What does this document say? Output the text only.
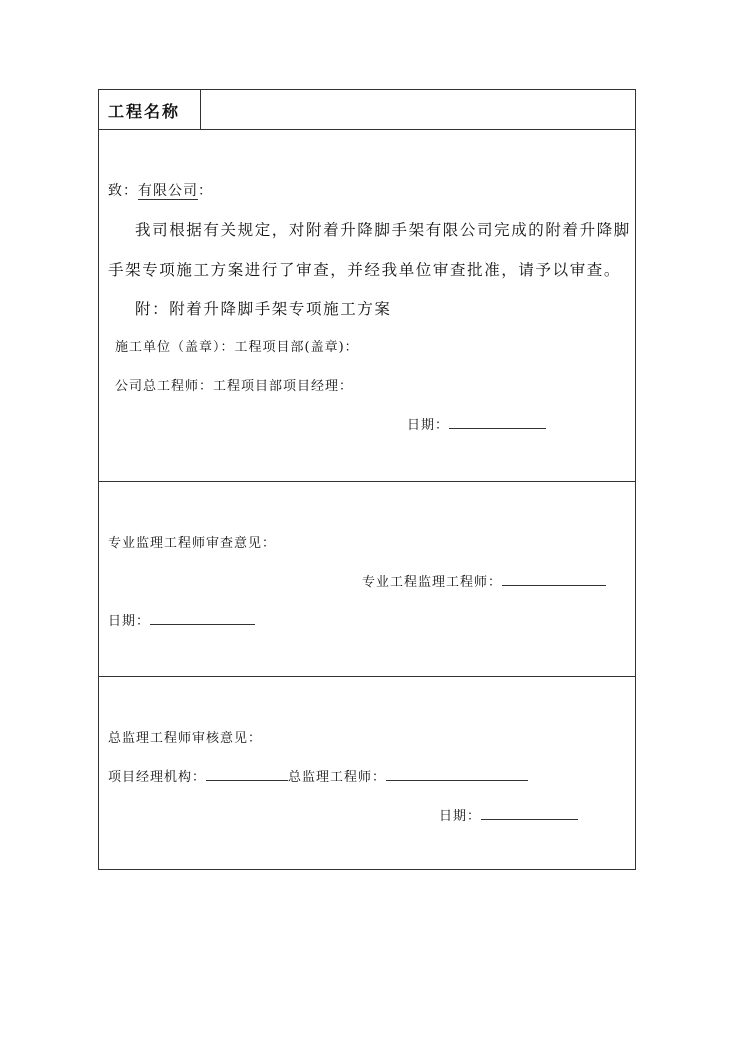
工程名称
致：有限公司：
我司根据有关规定，对附着升降脚手架有限公司完成的附着升降脚
手架专项施工方案进行了审查，并经我单位审查批准，请予以审查。
附：附着升降脚手架专项施工方案
施工单位（盖章）：工程项目部(盖章)：
公司总工程师：工程项目部项目经理：
日期：
专业监理工程师审查意见：
专业工程监理工程师：
日期：
总监理工程师审核意见：
项目经理机构：	总监理工程师：
日期：
